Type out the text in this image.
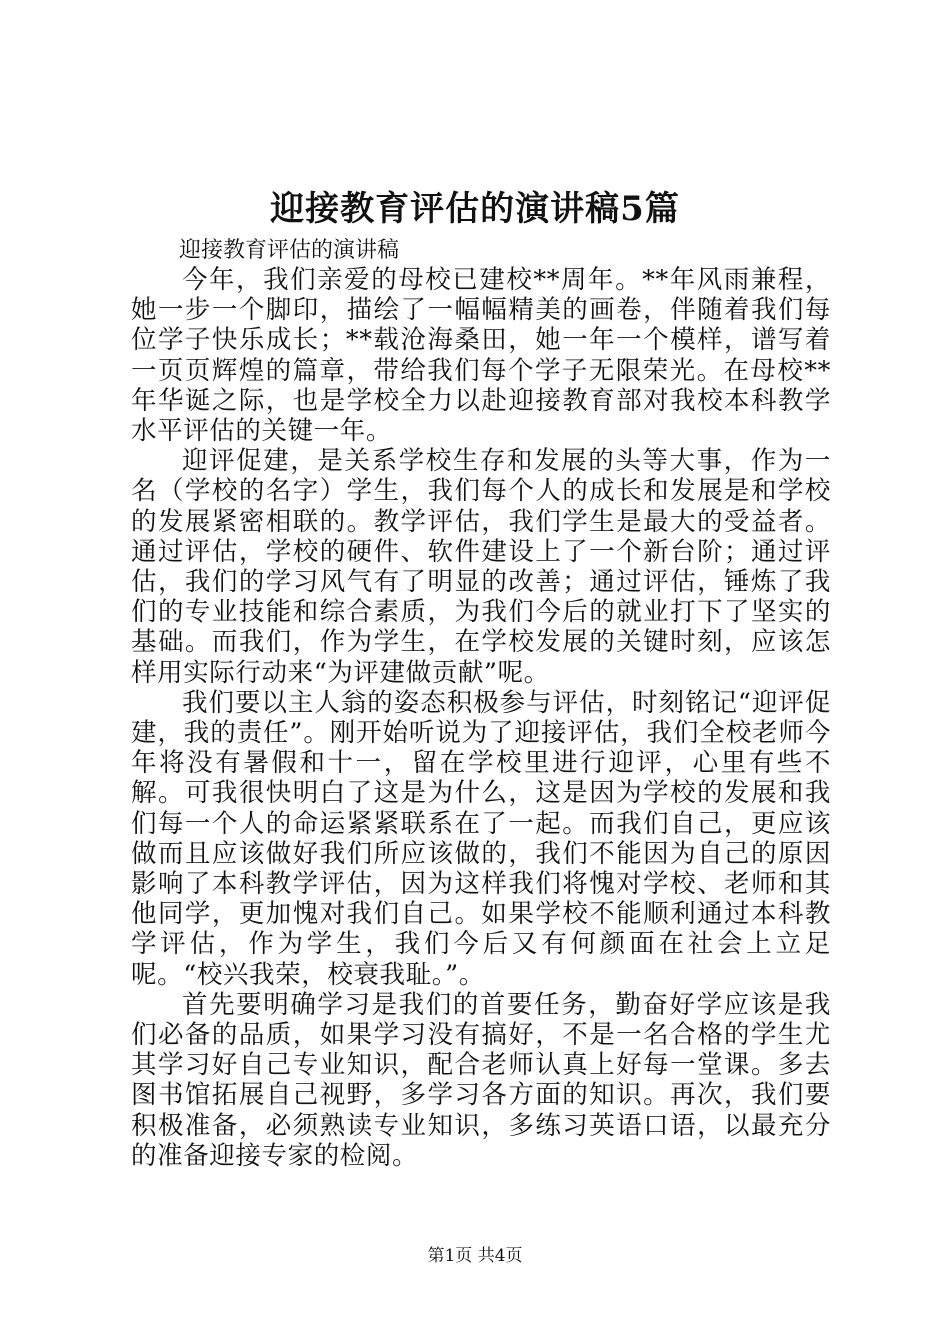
迎接教育评估的演讲稿5篇

迎接教育评估的演讲稿

今年，我们亲爱的母校已建校**周年。**年风雨兼程，她一步一个脚印，描绘了一幅幅精美的画卷，伴随着我们每位学子快乐成长；**载沧海桑田，她一年一个模样，谱写着一页页辉煌的篇章，带给我们每个学子无限荣光。在母校**年华诞之际，也是学校全力以赴迎接教育部对我校本科教学水平评估的关键一年。

迎评促建，是关系学校生存和发展的头等大事，作为一名（学校的名字）学生，我们每个人的成长和发展是和学校的发展紧密相联的。教学评估，我们学生是最大的受益者。通过评估，学校的硬件、软件建设上了一个新台阶；通过评估，我们的学习风气有了明显的改善；通过评估，锤炼了我们的专业技能和综合素质，为我们今后的就业打下了坚实的基础。而我们，作为学生，在学校发展的关键时刻，应该怎样用实际行动来“为评建做贡献”呢。

我们要以主人翁的姿态积极参与评估，时刻铭记“迎评促建，我的责任”。刚开始听说为了迎接评估，我们全校老师今年将没有暑假和十一，留在学校里进行迎评，心里有些不解。可我很快明白了这是为什么，这是因为学校的发展和我们每一个人的命运紧紧联系在了一起。而我们自己，更应该做而且应该做好我们所应该做的，我们不能因为自己的原因影响了本科教学评估，因为这样我们将愧对学校、老师和其他同学，更加愧对我们自己。如果学校不能顺利通过本科教学评估，作为学生，我们今后又有何颜面在社会上立足呢。“校兴我荣，校衰我耻。”。

首先要明确学习是我们的首要任务，勤奋好学应该是我们必备的品质，如果学习没有搞好，不是一名合格的学生尤其学习好自己专业知识，配合老师认真上好每一堂课。多去图书馆拓展自己视野，多学习各方面的知识。再次，我们要积极准备，必须熟读专业知识，多练习英语口语，以最充分的准备迎接专家的检阅。

第1页 共4页
